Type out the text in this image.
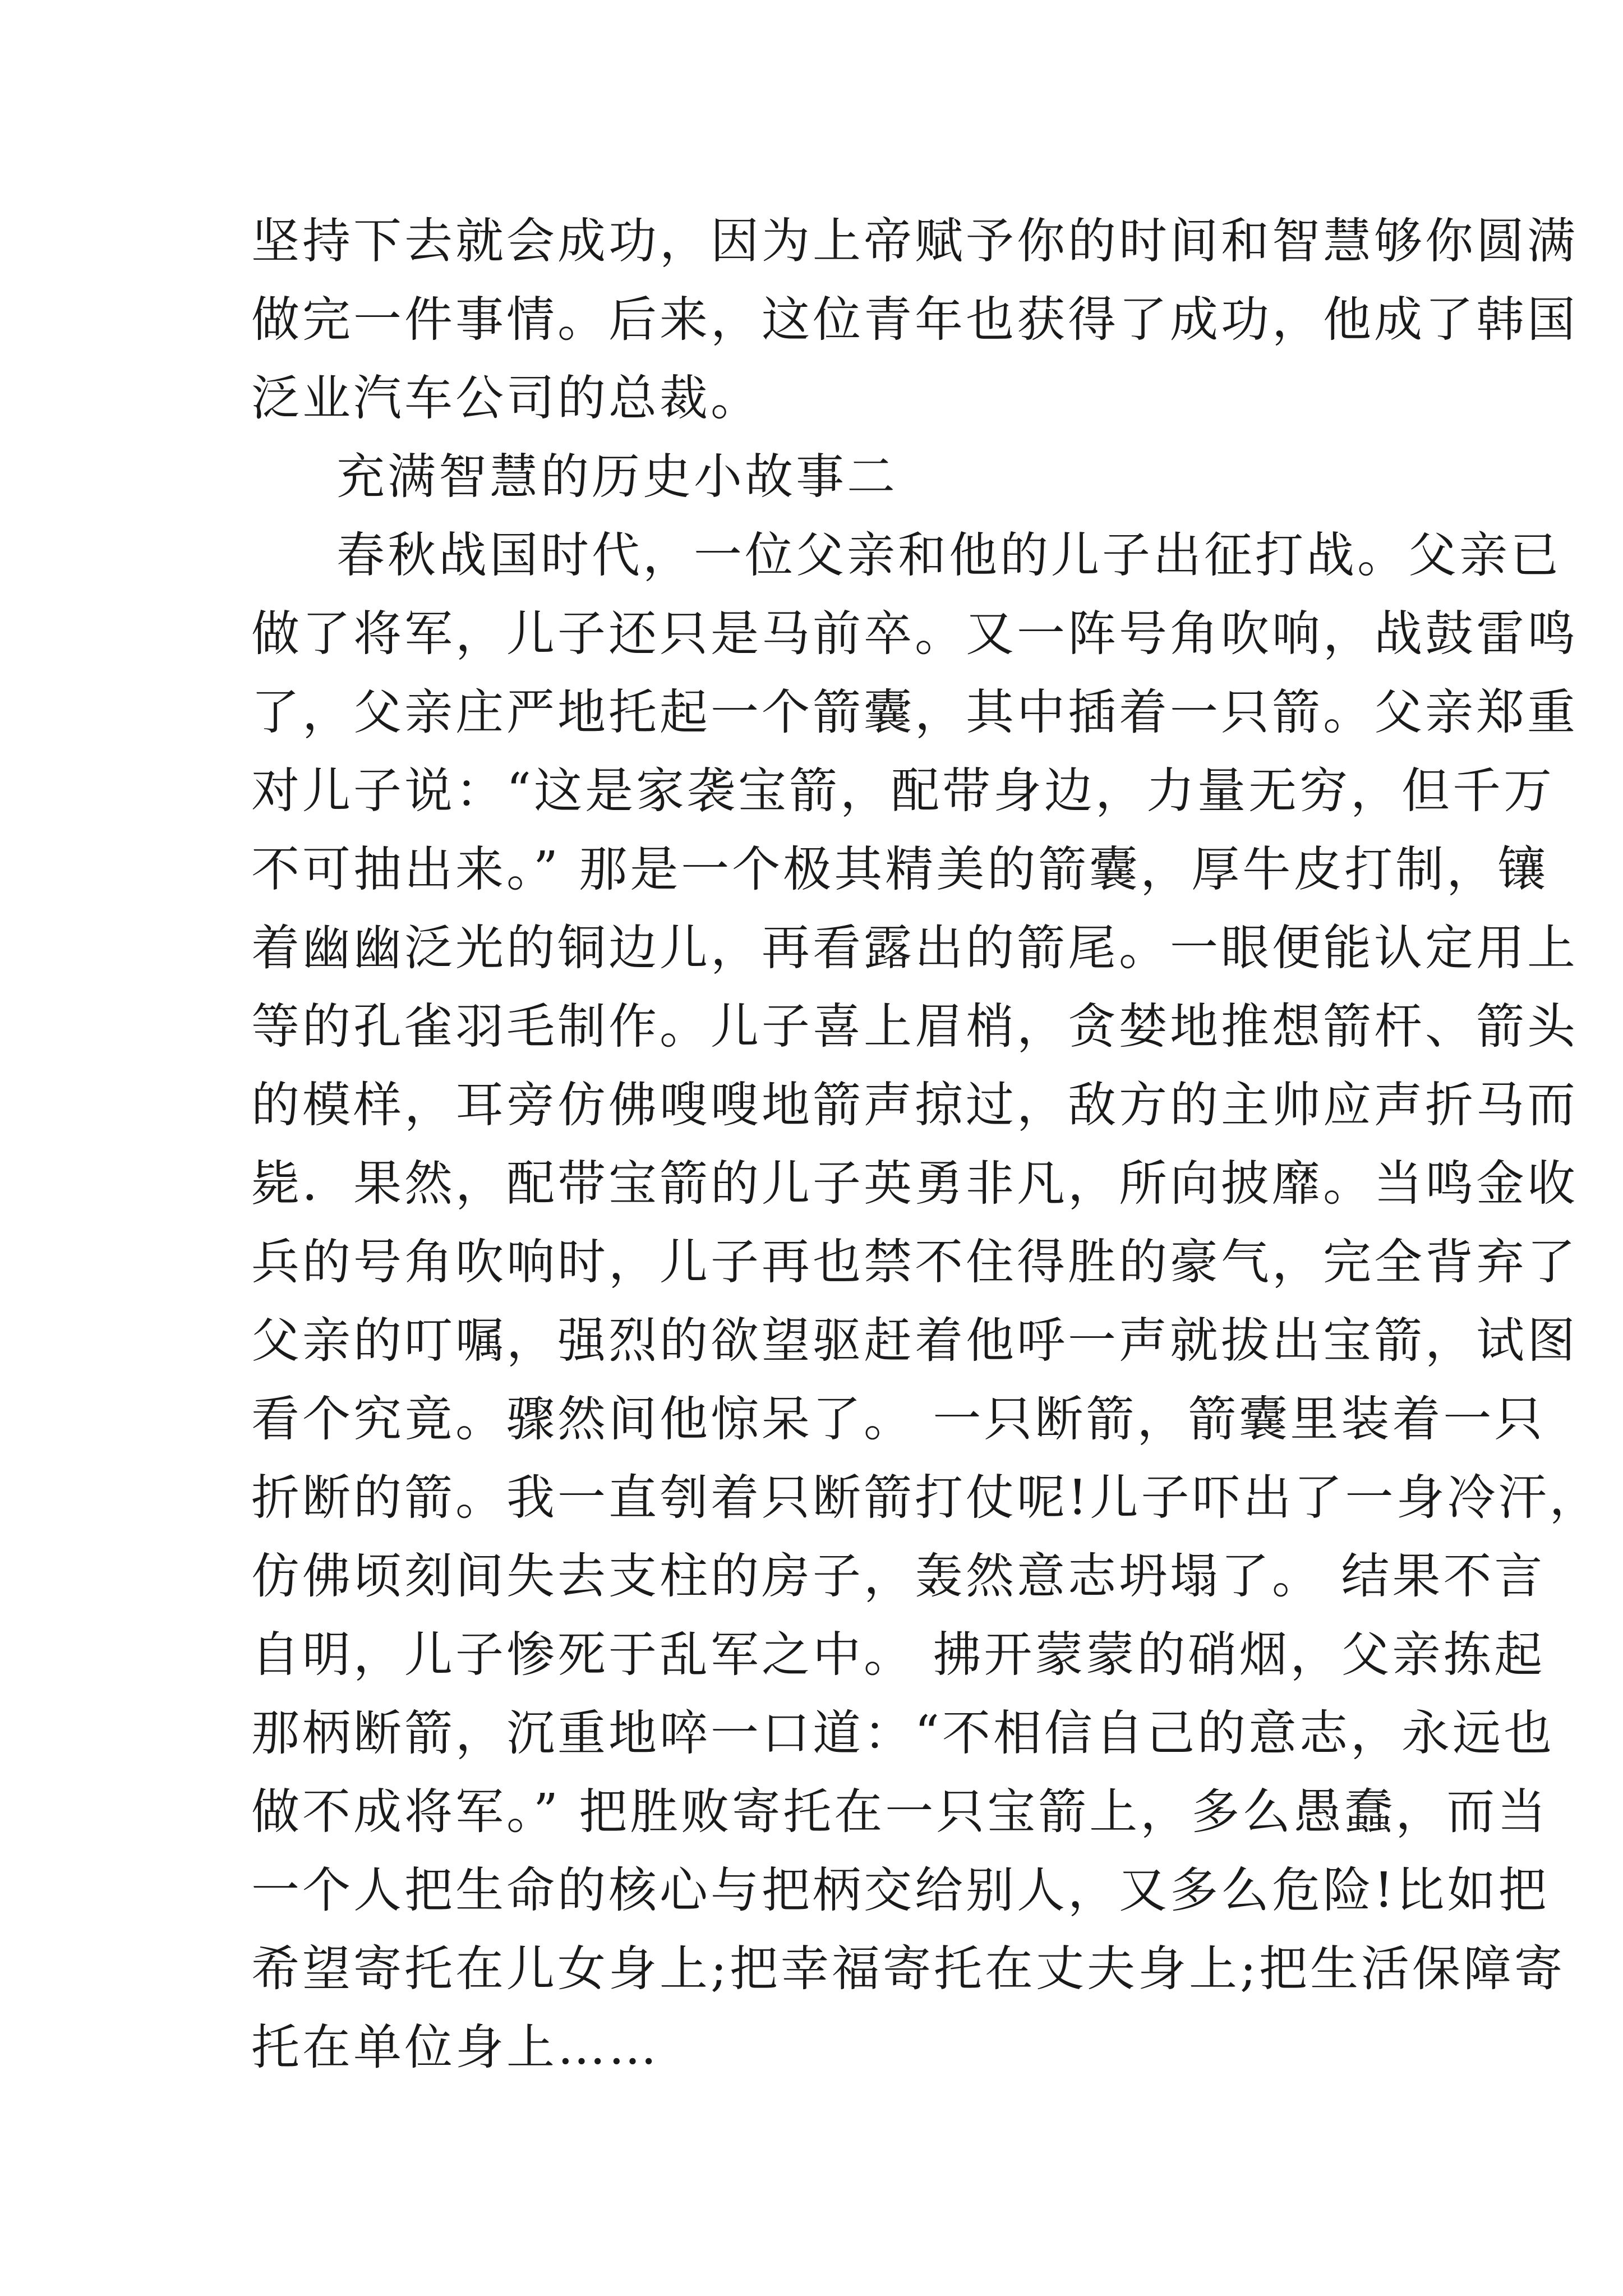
坚持下去就会成功，因为上帝赋予你的时间和智慧够你圆满
做完一件事情。后来，这位青年也获得了成功，他成了韩国
泛业汽车公司的总裁。
充满智慧的历史小故事二
春秋战国时代，一位父亲和他的儿子出征打战。父亲已
做了将军，儿子还只是马前卒。又一阵号角吹响，战鼓雷鸣
了，父亲庄严地托起一个箭囊，其中插着一只箭。父亲郑重
对儿子说：“这是家袭宝箭，配带身边，力量无穷，但千万
不可抽出来。” 那是一个极其精美的箭囊，厚牛皮打制，镶
着幽幽泛光的铜边儿，再看露出的箭尾。一眼便能认定用上
等的孔雀羽毛制作。儿子喜上眉梢，贪婪地推想箭杆、箭头
的模样，耳旁仿佛嗖嗖地箭声掠过，敌方的主帅应声折马而
毙．果然，配带宝箭的儿子英勇非凡，所向披靡。当鸣金收
兵的号角吹响时，儿子再也禁不住得胜的豪气，完全背弃了
父亲的叮嘱，强烈的欲望驱赶着他呼一声就拔出宝箭，试图
看个究竟。骤然间他惊呆了。 一只断箭，箭囊里装着一只
折断的箭。我一直刳着只断箭打仗呢!儿子吓出了一身冷汗，
仿佛顷刻间失去支柱的房子，轰然意志坍塌了。 结果不言
自明，儿子惨死于乱军之中。 拂开蒙蒙的硝烟，父亲拣起
那柄断箭，沉重地啐一口道：“不相信自己的意志，永远也
做不成将军。” 把胜败寄托在一只宝箭上，多么愚蠢，而当
一个人把生命的核心与把柄交给别人，又多么危险!比如把
希望寄托在儿女身上;把幸福寄托在丈夫身上;把生活保障寄
托在单位身上……
